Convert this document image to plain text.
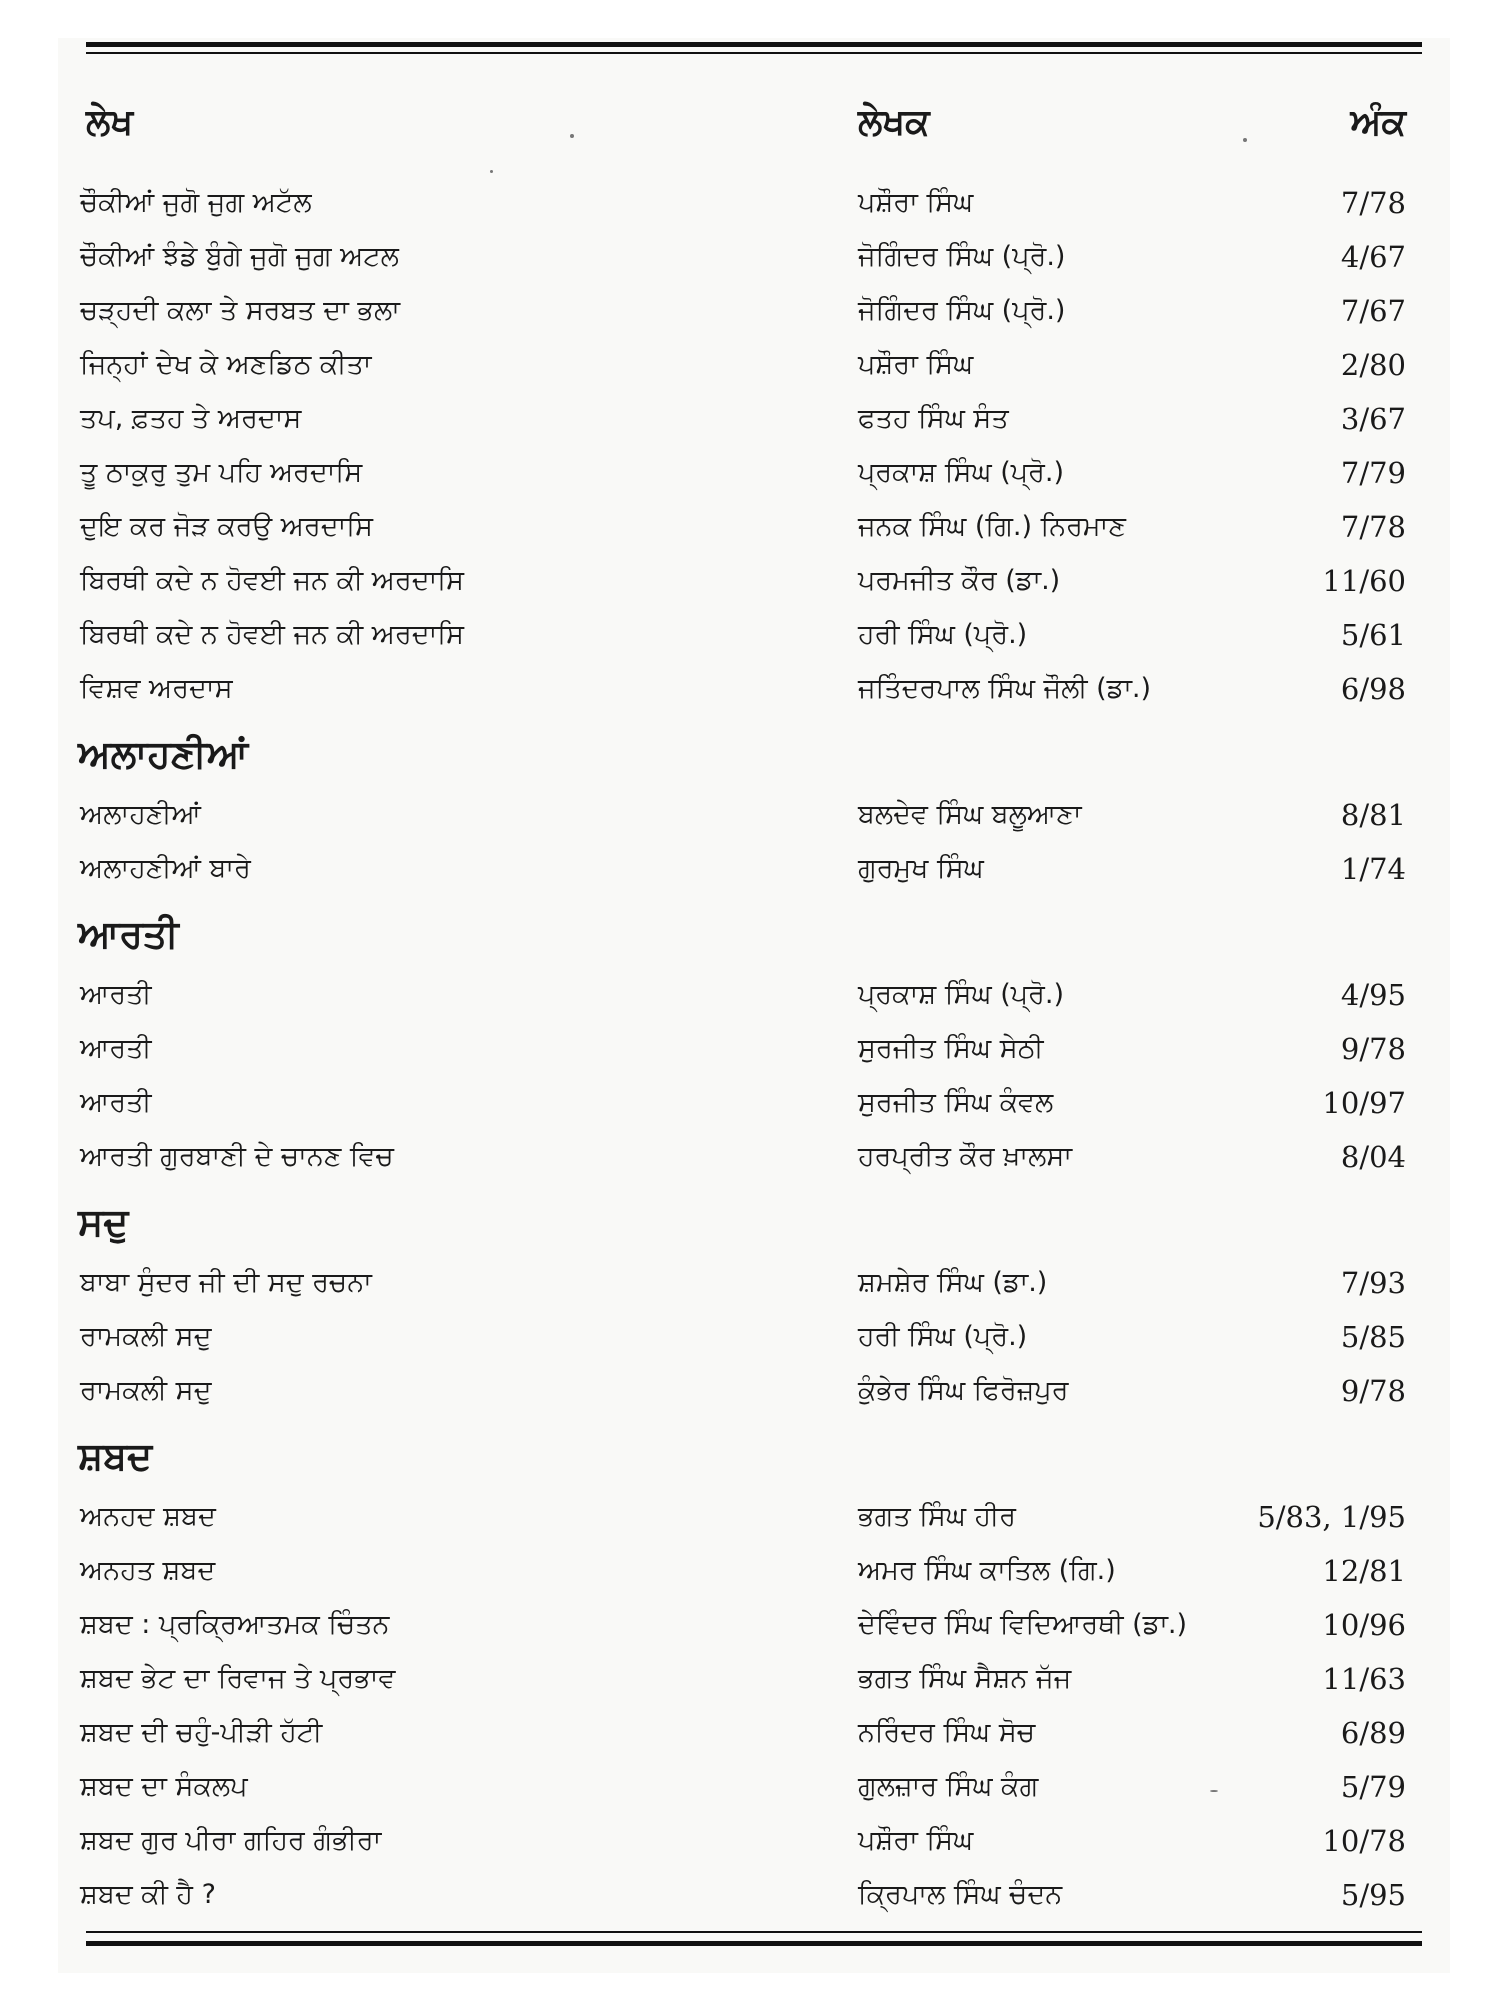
ਲੇਖ	ਲੇਖਕ	ਅੰਕ
ਚੌਕੀਆਂ ਜੁਗੋ ਜੁਗ ਅਟੱਲ	ਪਸ਼ੌਰਾ ਸਿੰਘ	7/78
ਚੌਕੀਆਂ ਝੰਡੇ ਬੁੰਗੇ ਜੁਗੋ ਜੁਗ ਅਟਲ	ਜੋਗਿੰਦਰ ਸਿੰਘ (ਪ੍ਰੋ.)	4/67
ਚੜ੍ਹਦੀ ਕਲਾ ਤੇ ਸਰਬਤ ਦਾ ਭਲਾ	ਜੋਗਿੰਦਰ ਸਿੰਘ (ਪ੍ਰੋ.)	7/67
ਜਿਨ੍ਹਾਂ ਦੇਖ ਕੇ ਅਣਡਿਠ ਕੀਤਾ	ਪਸ਼ੌਰਾ ਸਿੰਘ	2/80
ਤਪ, ਫ਼ਤਹ ਤੇ ਅਰਦਾਸ	ਫਤਹ ਸਿੰਘ ਸੰਤ	3/67
ਤੂ ਠਾਕੁਰੁ ਤੁਮ ਪਹਿ ਅਰਦਾਸਿ	ਪ੍ਰਕਾਸ਼ ਸਿੰਘ (ਪ੍ਰੋ.)	7/79
ਦੁਇ ਕਰ ਜੋੜ ਕਰਉ ਅਰਦਾਸਿ	ਜਨਕ ਸਿੰਘ (ਗਿ.) ਨਿਰਮਾਣ	7/78
ਬਿਰਥੀ ਕਦੇ ਨ ਹੋਵਈ ਜਨ ਕੀ ਅਰਦਾਸਿ	ਪਰਮਜੀਤ ਕੌਰ (ਡਾ.)	11/60
ਬਿਰਥੀ ਕਦੇ ਨ ਹੋਵਈ ਜਨ ਕੀ ਅਰਦਾਸਿ	ਹਰੀ ਸਿੰਘ (ਪ੍ਰੋ.)	5/61
ਵਿਸ਼ਵ ਅਰਦਾਸ	ਜਤਿੰਦਰਪਾਲ ਸਿੰਘ ਜੌਲੀ (ਡਾ.)	6/98
ਅਲਾਹਣੀਆਂ
ਅਲਾਹਣੀਆਂ	ਬਲਦੇਵ ਸਿੰਘ ਬਲੂਆਣਾ	8/81
ਅਲਾਹਣੀਆਂ ਬਾਰੇ	ਗੁਰਮੁਖ ਸਿੰਘ	1/74
ਆਰਤੀ
ਆਰਤੀ	ਪ੍ਰਕਾਸ਼ ਸਿੰਘ (ਪ੍ਰੋ.)	4/95
ਆਰਤੀ	ਸੁਰਜੀਤ ਸਿੰਘ ਸੇਠੀ	9/78
ਆਰਤੀ	ਸੁਰਜੀਤ ਸਿੰਘ ਕੰਵਲ	10/97
ਆਰਤੀ ਗੁਰਬਾਣੀ ਦੇ ਚਾਨਣ ਵਿਚ	ਹਰਪ੍ਰੀਤ ਕੌਰ ਖ਼ਾਲਸਾ	8/04
ਸਦੁ
ਬਾਬਾ ਸੁੰਦਰ ਜੀ ਦੀ ਸਦੁ ਰਚਨਾ	ਸ਼ਮਸ਼ੇਰ ਸਿੰਘ (ਡਾ.)	7/93
ਰਾਮਕਲੀ ਸਦੁ	ਹਰੀ ਸਿੰਘ (ਪ੍ਰੋ.)	5/85
ਰਾਮਕਲੀ ਸਦੁ	ਕੁੰਭੇਰ ਸਿੰਘ ਫਿਰੋਜ਼ਪੁਰ	9/78
ਸ਼ਬਦ
ਅਨਹਦ ਸ਼ਬਦ	ਭਗਤ ਸਿੰਘ ਹੀਰ	5/83, 1/95
ਅਨਹਤ ਸ਼ਬਦ	ਅਮਰ ਸਿੰਘ ਕਾਤਿਲ (ਗਿ.)	12/81
ਸ਼ਬਦ : ਪ੍ਰਕ੍ਰਿਆਤਮਕ ਚਿੰਤਨ	ਦੇਵਿੰਦਰ ਸਿੰਘ ਵਿਦਿਆਰਥੀ (ਡਾ.)	10/96
ਸ਼ਬਦ ਭੇਟ ਦਾ ਰਿਵਾਜ ਤੇ ਪ੍ਰਭਾਵ	ਭਗਤ ਸਿੰਘ ਸੈਸ਼ਨ ਜੱਜ	11/63
ਸ਼ਬਦ ਦੀ ਚਹੁੰ-ਪੀੜੀ ਹੱਟੀ	ਨਰਿੰਦਰ ਸਿੰਘ ਸੋਚ	6/89
ਸ਼ਬਦ ਦਾ ਸੰਕਲਪ	ਗੁਲਜ਼ਾਰ ਸਿੰਘ ਕੰਗ	5/79
ਸ਼ਬਦ ਗੁਰ ਪੀਰਾ ਗਹਿਰ ਗੰਭੀਰਾ	ਪਸ਼ੌਰਾ ਸਿੰਘ	10/78
ਸ਼ਬਦ ਕੀ ਹੈ ?	ਕ੍ਰਿਪਾਲ ਸਿੰਘ ਚੰਦਨ	5/95
